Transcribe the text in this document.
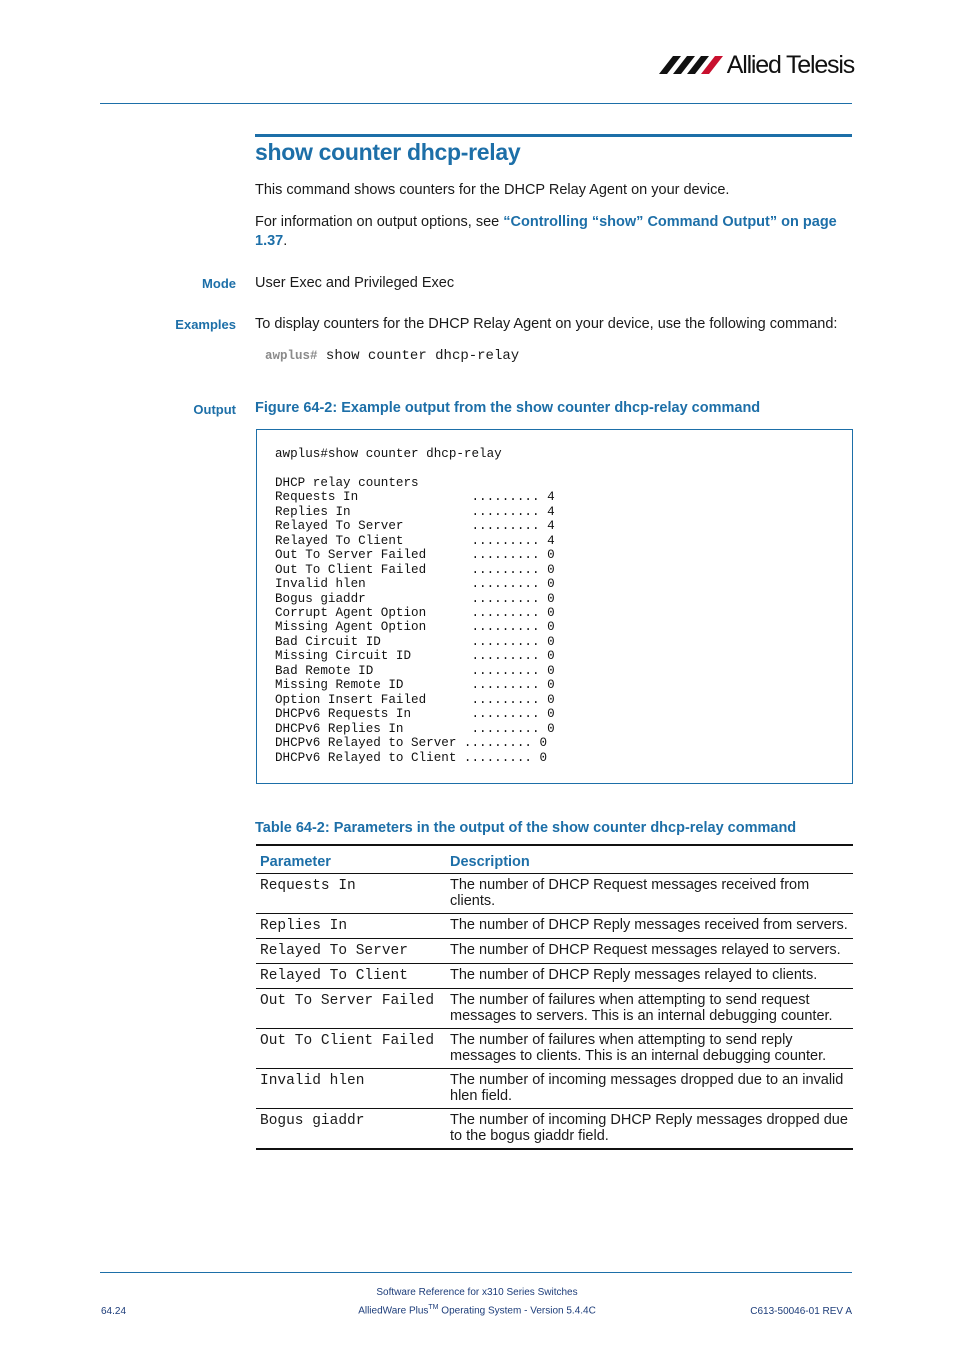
Allied Telesis
show counter dhcp-relay
This command shows counters for the DHCP Relay Agent on your device.
For information on output options, see “Controlling “show” Command Output” on page 1.37.
Mode User Exec and Privileged Exec
Examples To display counters for the DHCP Relay Agent on your device, use the following command:
awplus# show counter dhcp-relay
Output Figure 64-2: Example output from the show counter dhcp-relay command
awplus#show counter dhcp-relay

DHCP relay counters
Requests In               ......... 4
Replies In                ......... 4
Relayed To Server         ......... 4
Relayed To Client         ......... 4
Out To Server Failed      ......... 0
Out To Client Failed      ......... 0
Invalid hlen              ......... 0
Bogus giaddr              ......... 0
Corrupt Agent Option      ......... 0
Missing Agent Option      ......... 0
Bad Circuit ID            ......... 0
Missing Circuit ID        ......... 0
Bad Remote ID             ......... 0
Missing Remote ID         ......... 0
Option Insert Failed      ......... 0
DHCPv6 Requests In        ......... 0
DHCPv6 Replies In         ......... 0
DHCPv6 Relayed to Server ......... 0
DHCPv6 Relayed to Client ......... 0
Table 64-2: Parameters in the output of the show counter dhcp-relay command
Parameter	Description
Requests In	The number of DHCP Request messages received from clients.
Replies In	The number of DHCP Reply messages received from servers.
Relayed To Server	The number of DHCP Request messages relayed to servers.
Relayed To Client	The number of DHCP Reply messages relayed to clients.
Out To Server Failed	The number of failures when attempting to send request messages to servers. This is an internal debugging counter.
Out To Client Failed	The number of failures when attempting to send reply messages to clients. This is an internal debugging counter.
Invalid hlen	The number of incoming messages dropped due to an invalid hlen field.
Bogus giaddr	The number of incoming DHCP Reply messages dropped due to the bogus giaddr field.
Software Reference for x310 Series Switches
AlliedWare Plus™ Operating System - Version 5.4.4C
64.24	C613-50046-01 REV A
